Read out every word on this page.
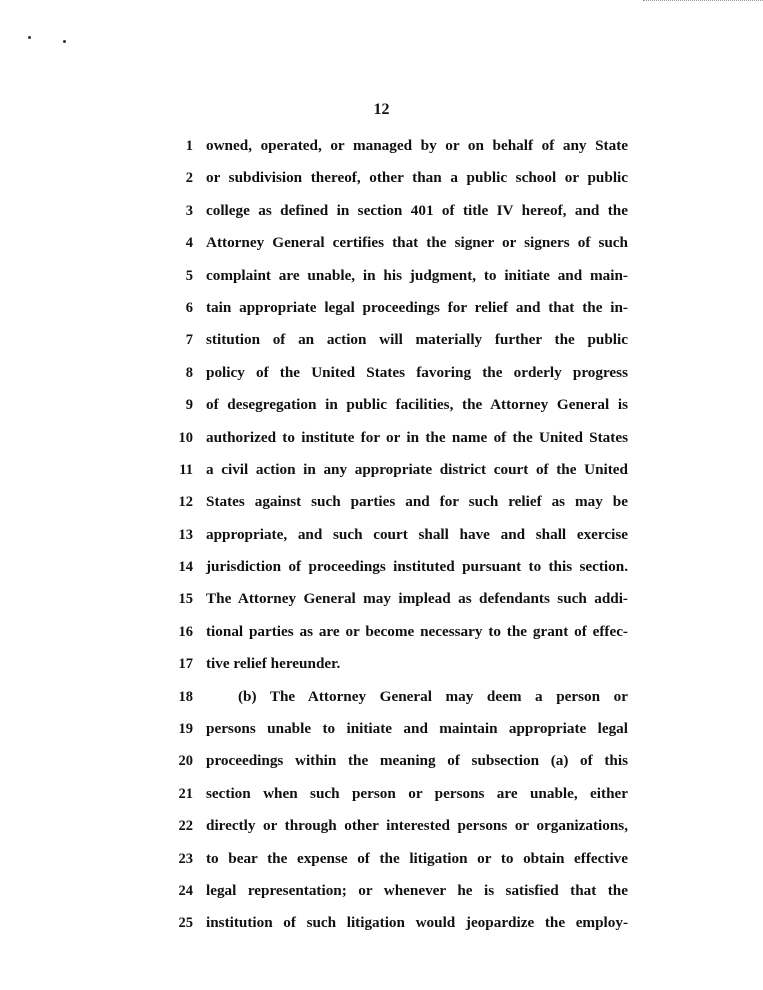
12
1 owned, operated, or managed by or on behalf of any State
2 or subdivision thereof, other than a public school or public
3 college as defined in section 401 of title IV hereof, and the
4 Attorney General certifies that the signer or signers of such
5 complaint are unable, in his judgment, to initiate and main-
6 tain appropriate legal proceedings for relief and that the in-
7 stitution of an action will materially further the public
8 policy of the United States favoring the orderly progress
9 of desegregation in public facilities, the Attorney General is
10 authorized to institute for or in the name of the United States
11 a civil action in any appropriate district court of the United
12 States against such parties and for such relief as may be
13 appropriate, and such court shall have and shall exercise
14 jurisdiction of proceedings instituted pursuant to this section.
15 The Attorney General may implead as defendants such addi-
16 tional parties as are or become necessary to the grant of effec-
17 tive relief hereunder.
18	(b) The Attorney General may deem a person or
19 persons unable to initiate and maintain appropriate legal
20 proceedings within the meaning of subsection (a) of this
21 section when such person or persons are unable, either
22 directly or through other interested persons or organizations,
23 to bear the expense of the litigation or to obtain effective
24 legal representation; or whenever he is satisfied that the
25 institution of such litigation would jeopardize the employ-
